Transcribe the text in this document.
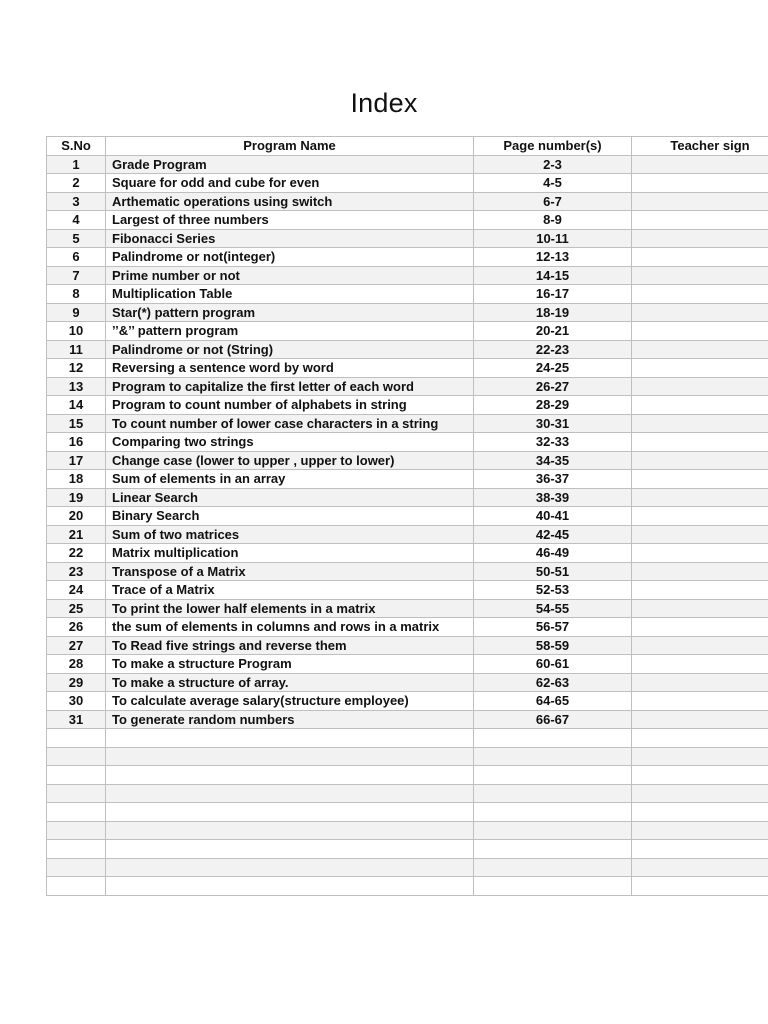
Index
S.No	Program Name	Page number(s)	Teacher sign
1	Grade Program	2-3	
2	Square for odd and cube for even	4-5	
3	Arthematic operations using switch	6-7	
4	Largest of three numbers	8-9	
5	Fibonacci Series	10-11	
6	Palindrome or not(integer)	12-13	
7	Prime number or not	14-15	
8	Multiplication Table	16-17	
9	Star(*) pattern program	18-19	
10	’’&’’ pattern program	20-21	
11	Palindrome or not (String)	22-23	
12	Reversing a sentence word by word	24-25	
13	Program to capitalize the first letter of each word	26-27	
14	Program to count number of alphabets in string	28-29	
15	To count number of lower case characters in a string	30-31	
16	Comparing two strings	32-33	
17	Change case (lower to upper , upper to lower)	34-35	
18	Sum of elements in an array	36-37	
19	Linear Search	38-39	
20	Binary Search	40-41	
21	Sum of two matrices	42-45	
22	Matrix multiplication	46-49	
23	Transpose of a Matrix	50-51	
24	Trace of a Matrix	52-53	
25	To print the lower half elements in a matrix	54-55	
26	the sum of elements in columns and rows in a matrix	56-57	
27	To Read five strings and reverse them	58-59	
28	To make a structure Program	60-61	
29	To make a structure of array.	62-63	
30	To calculate average salary(structure employee)	64-65	
31	To generate random numbers	66-67	
